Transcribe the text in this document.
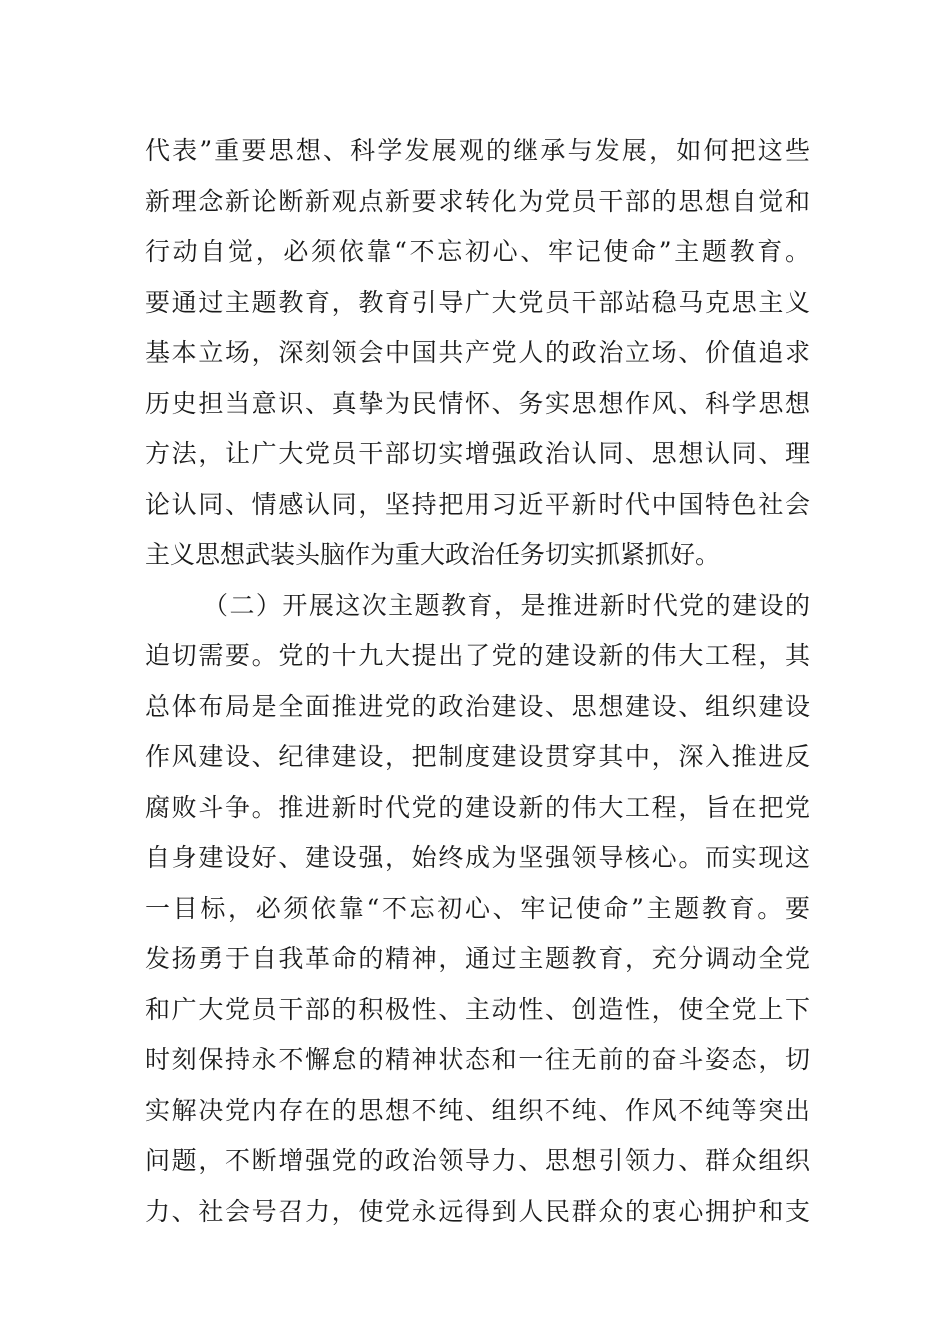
代表”重要思想、科学发展观的继承与发展，如何把这些
新理念新论断新观点新要求转化为党员干部的思想自觉和
行动自觉，必须依靠“不忘初心、牢记使命”主题教育。
要通过主题教育，教育引导广大党员干部站稳马克思主义
基本立场，深刻领会中国共产党人的政治立场、价值追求
历史担当意识、真挚为民情怀、务实思想作风、科学思想
方法，让广大党员干部切实增强政治认同、思想认同、理
论认同、情感认同，坚持把用习近平新时代中国特色社会
主义思想武装头脑作为重大政治任务切实抓紧抓好。
（二）开展这次主题教育，是推进新时代党的建设的
迫切需要。党的十九大提出了党的建设新的伟大工程，其
总体布局是全面推进党的政治建设、思想建设、组织建设
作风建设、纪律建设，把制度建设贯穿其中，深入推进反
腐败斗争。推进新时代党的建设新的伟大工程，旨在把党
自身建设好、建设强，始终成为坚强领导核心。而实现这
一目标，必须依靠“不忘初心、牢记使命”主题教育。要
发扬勇于自我革命的精神，通过主题教育，充分调动全党
和广大党员干部的积极性、主动性、创造性，使全党上下
时刻保持永不懈怠的精神状态和一往无前的奋斗姿态，切
实解决党内存在的思想不纯、组织不纯、作风不纯等突出
问题，不断增强党的政治领导力、思想引领力、群众组织
力、社会号召力，使党永远得到人民群众的衷心拥护和支
